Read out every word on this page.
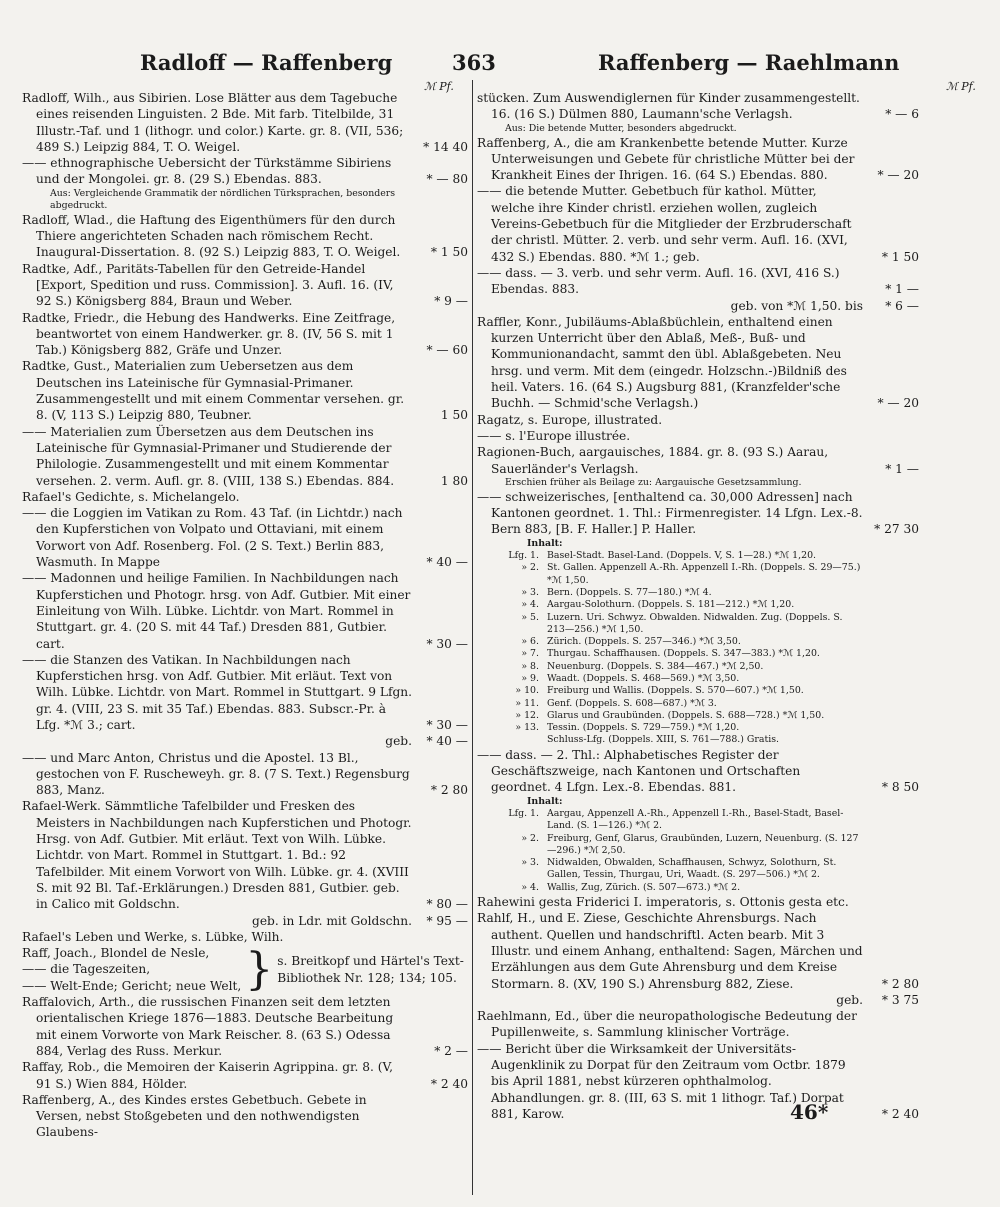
Radloff — Raffenberg	363	Raffenberg — Raehlmann
ℳ Pf.	ℳ Pf.
Radloff, Wilh., aus Sibirien. Lose Blätter aus dem Tagebuche eines reisenden Linguisten. 2 Bde. Mit farb. Titelbilde, 31 Illustr.-Taf. und 1 (lithogr. und color.) Karte. gr. 8. (VII, 536; 489 S.) Leipzig 884, T. O. Weigel.	* 14 40
—— ethnographische Uebersicht der Türkstämme Sibiriens und der Mongolei. gr. 8. (29 S.) Ebendas. 883.	* — 80
Aus: Vergleichende Grammatik der nördlichen Türksprachen, besonders abgedruckt.
Radloff, Wlad., die Haftung des Eigenthümers für den durch Thiere angerichteten Schaden nach römischem Recht. Inaugural-Dissertation. 8. (92 S.) Leipzig 883, T. O. Weigel.	* 1 50
Radtke, Adf., Paritäts-Tabellen für den Getreide-Handel [Export, Spedition und russ. Commission]. 3. Aufl. 16. (IV, 92 S.) Königsberg 884, Braun und Weber.	* 9 —
Radtke, Friedr., die Hebung des Handwerks. Eine Zeitfrage, beantwortet von einem Handwerker. gr. 8. (IV, 56 S. mit 1 Tab.) Königsberg 882, Gräfe und Unzer.	* — 60
Radtke, Gust., Materialien zum Uebersetzen aus dem Deutschen ins Lateinische für Gymnasial-Primaner. Zusammengestellt und mit einem Commentar versehen. gr. 8. (V, 113 S.) Leipzig 880, Teubner.	1 50
—— Materialien zum Übersetzen aus dem Deutschen ins Lateinische für Gymnasial-Primaner und Studierende der Philologie. Zusammengestellt und mit einem Kommentar versehen. 2. verm. Aufl. gr. 8. (VIII, 138 S.) Ebendas. 884.	1 80
Rafael's Gedichte, s. Michelangelo.
—— die Loggien im Vatikan zu Rom. 43 Taf. (in Lichtdr.) nach den Kupferstichen von Volpato und Ottaviani, mit einem Vorwort von Adf. Rosenberg. Fol. (2 S. Text.) Berlin 883, Wasmuth. In Mappe	* 40 —
—— Madonnen und heilige Familien. In Nachbildungen nach Kupferstichen und Photogr. hrsg. von Adf. Gutbier. Mit einer Einleitung von Wilh. Lübke. Lichtdr. von Mart. Rommel in Stuttgart. gr. 4. (20 S. mit 44 Taf.) Dresden 881, Gutbier. cart.	* 30 —
—— die Stanzen des Vatikan. In Nachbildungen nach Kupferstichen hrsg. von Adf. Gutbier. Mit erläut. Text von Wilh. Lübke. Lichtdr. von Mart. Rommel in Stuttgart. 9 Lfgn. gr. 4. (VIII, 23 S. mit 35 Taf.) Ebendas. 883. Subscr.-Pr. à Lfg. *ℳ 3.; cart.	* 30 —
geb. * 40 —
—— und Marc Anton, Christus und die Apostel. 13 Bl., gestochen von F. Ruscheweyh. gr. 8. (7 S. Text.) Regensburg 883, Manz.	* 2 80
Rafael-Werk. Sämmtliche Tafelbilder und Fresken des Meisters in Nachbildungen nach Kupferstichen und Photogr. Hrsg. von Adf. Gutbier. Mit erläut. Text von Wilh. Lübke. Lichtdr. von Mart. Rommel in Stuttgart. 1. Bd.: 92 Tafelbilder. Mit einem Vorwort von Wilh. Lübke. gr. 4. (XVIII S. mit 92 Bl. Taf.-Erklärungen.) Dresden 881, Gutbier. geb. in Calico mit Goldschn.	* 80 —
geb. in Ldr. mit Goldschn. * 95 —
Rafael's Leben und Werke, s. Lübke, Wilh.
Raff, Joach., Blondel de Nesle,
—— die Tageszeiten,
—— Welt-Ende; Gericht; neue Welt, } s. Breitkopf und Härtel's Text-Bibliothek Nr. 128; 134; 105.
Raffalovich, Arth., die russischen Finanzen seit dem letzten orientalischen Kriege 1876—1883. Deutsche Bearbeitung mit einem Vorworte von Mark Reischer. 8. (63 S.) Odessa 884, Verlag des Russ. Merkur.	* 2 —
Raffay, Rob., die Memoiren der Kaiserin Agrippina. gr. 8. (V, 91 S.) Wien 884, Hölder.	* 2 40
Raffenberg, A., des Kindes erstes Gebetbuch. Gebete in Versen, nebst Stoßgebeten und den nothwendigsten Glaubens-
stücken. Zum Auswendiglernen für Kinder zusammengestellt. 16. (16 S.) Dülmen 880, Laumann'sche Verlagsh.	* — 6
Aus: Die betende Mutter, besonders abgedruckt.
Raffenberg, A., die am Krankenbette betende Mutter. Kurze Unterweisungen und Gebete für christliche Mütter bei der Krankheit Eines der Ihrigen. 16. (64 S.) Ebendas. 880.	* — 20
—— die betende Mutter. Gebetbuch für kathol. Mütter, welche ihre Kinder christl. erziehen wollen, zugleich Vereins-Gebetbuch für die Mitglieder der Erzbruderschaft der christl. Mütter. 2. verb. und sehr verm. Aufl. 16. (XVI, 432 S.) Ebendas. 880. *ℳ 1.; geb.	* 1 50
—— dass. — 3. verb. und sehr verm. Aufl. 16. (XVI, 416 S.) Ebendas. 883.	* 1 —
geb. von *ℳ 1,50. bis * 6 —
Raffler, Konr., Jubiläums-Ablaßbüchlein, enthaltend einen kurzen Unterricht über den Ablaß, Meß-, Buß- und Kommunionandacht, sammt den übl. Ablaßgebeten. Neu hrsg. und verm. Mit dem (eingedr. Holzschn.-)Bildniß des heil. Vaters. 16. (64 S.) Augsburg 881, (Kranzfelder'sche Buchh. — Schmid'sche Verlagsh.)	* — 20
Ragatz, s. Europe, illustrated.
—— s. l'Europe illustrée.
Ragionen-Buch, aargauisches, 1884. gr. 8. (93 S.) Aarau, Sauerländer's Verlagsh.	* 1 —
Erschien früher als Beilage zu: Aargauische Gesetzsammlung.
—— schweizerisches, [enthaltend ca. 30,000 Adressen] nach Kantonen geordnet. 1. Thl.: Firmenregister. 14 Lfgn. Lex.-8. Bern 883, [B. F. Haller.] P. Haller.	* 27 30
Inhalt:
Lfg. 1. Basel-Stadt. Basel-Land. (Doppels. V, S. 1—28.) *ℳ 1,20.
» 2. St. Gallen. Appenzell A.-Rh. Appenzell I.-Rh. (Doppels. S. 29—75.) *ℳ 1,50.
» 3. Bern. (Doppels. S. 77—180.) *ℳ 4.
» 4. Aargau-Solothurn. (Doppels. S. 181—212.) *ℳ 1,20.
» 5. Luzern. Uri. Schwyz. Obwalden. Nidwalden. Zug. (Doppels. S. 213—256.) *ℳ 1,50.
» 6. Zürich. (Doppels. S. 257—346.) *ℳ 3,50.
» 7. Thurgau. Schaffhausen. (Doppels. S. 347—383.) *ℳ 1,20.
» 8. Neuenburg. (Doppels. S. 384—467.) *ℳ 2,50.
» 9. Waadt. (Doppels. S. 468—569.) *ℳ 3,50.
» 10. Freiburg und Wallis. (Doppels. S. 570—607.) *ℳ 1,50.
» 11. Genf. (Doppels. S. 608—687.) *ℳ 3.
» 12. Glarus und Graubünden. (Doppels. S. 688—728.) *ℳ 1,50.
» 13. Tessin. (Doppels. S. 729—759.) *ℳ 1,20.
Schluss-Lfg. (Doppels. XIII, S. 761—788.) Gratis.
—— dass. — 2. Thl.: Alphabetisches Register der Geschäftszweige, nach Kantonen und Ortschaften geordnet. 4 Lfgn. Lex.-8. Ebendas. 881.	* 8 50
Inhalt:
Lfg. 1. Aargau, Appenzell A.-Rh., Appenzell I.-Rh., Basel-Stadt, Basel-Land. (S. 1—126.) *ℳ 2.
» 2. Freiburg, Genf, Glarus, Graubünden, Luzern, Neuenburg. (S. 127—296.) *ℳ 2,50.
» 3. Nidwalden, Obwalden, Schaffhausen, Schwyz, Solothurn, St. Gallen, Tessin, Thurgau, Uri, Waadt. (S. 297—506.) *ℳ 2.
» 4. Wallis, Zug, Zürich. (S. 507—673.) *ℳ 2.
Rahewini gesta Friderici I. imperatoris, s. Ottonis gesta etc.
Rahlf, H., und E. Ziese, Geschichte Ahrensburgs. Nach authent. Quellen und handschriftl. Acten bearb. Mit 3 Illustr. und einem Anhang, enthaltend: Sagen, Märchen und Erzählungen aus dem Gute Ahrensburg und dem Kreise Stormarn. 8. (XV, 190 S.) Ahrensburg 882, Ziese.	* 2 80
geb. * 3 75
Raehlmann, Ed., über die neuropathologische Bedeutung der Pupillenweite, s. Sammlung klinischer Vorträge.
—— Bericht über die Wirksamkeit der Universitäts-Augenklinik zu Dorpat für den Zeitraum vom Octbr. 1879 bis April 1881, nebst kürzeren ophthalmolog. Abhandlungen. gr. 8. (III, 63 S. mit 1 lithogr. Taf.) Dorpat 881, Karow.	* 2 40
46*
